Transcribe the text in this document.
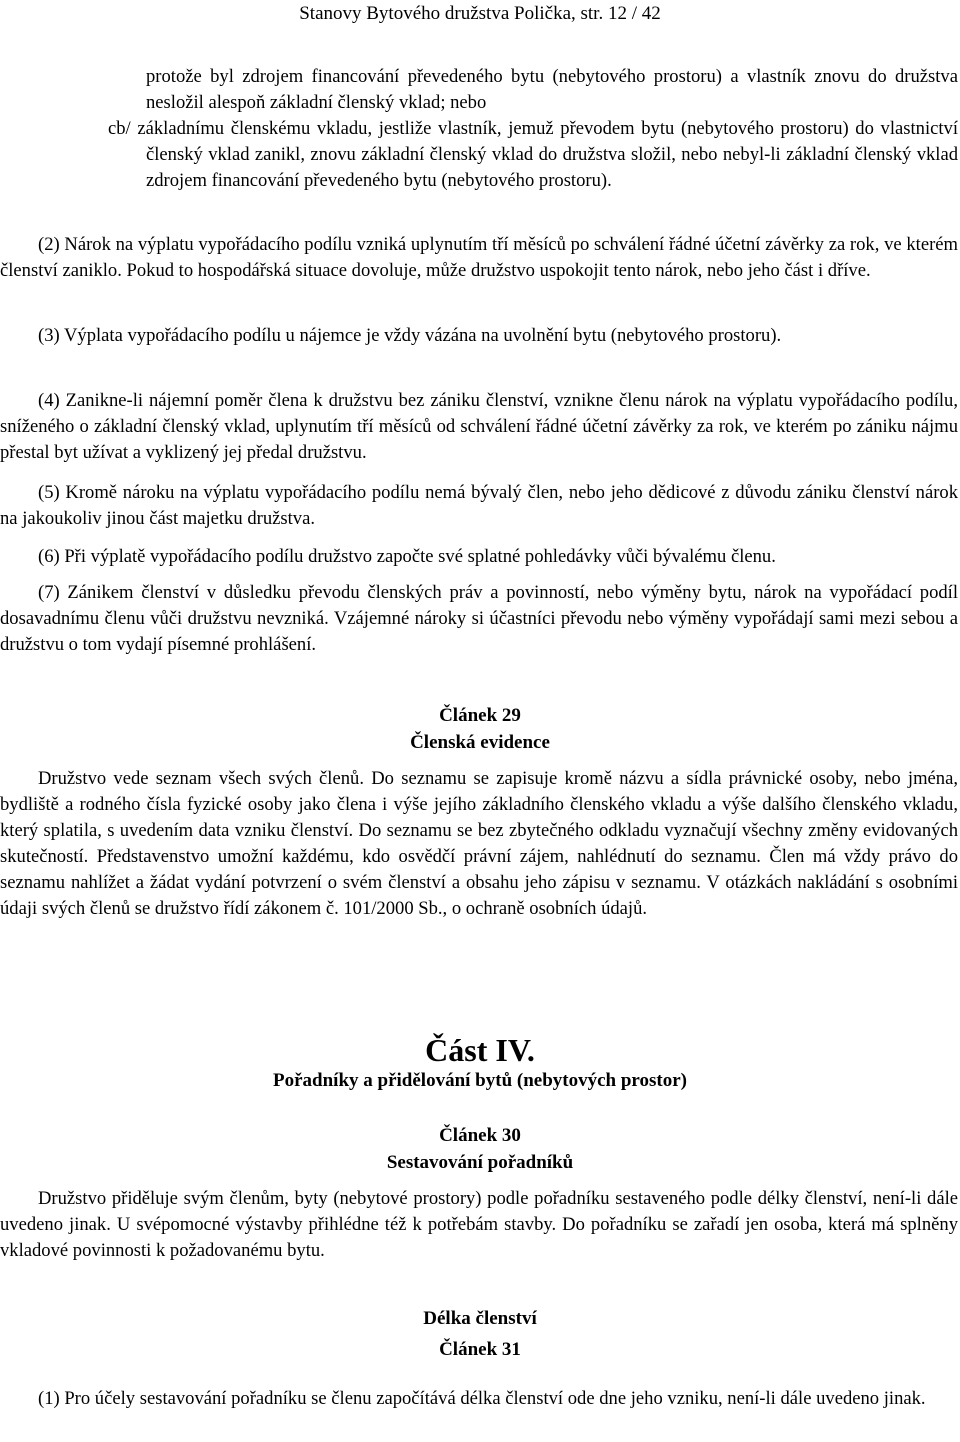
Stanovy Bytového družstva Polička, str. 12 / 42

protože byl zdrojem financování převedeného bytu (nebytového prostoru) a vlastník znovu do družstva nesložil alespoň základní členský vklad; nebo

cb/ základnímu členskému vkladu, jestliže vlastník, jemuž převodem bytu (nebytového prostoru) do vlastnictví členský vklad zanikl, znovu základní členský vklad do družstva složil, nebo nebyl-li základní členský vklad zdrojem financování převedeného bytu (nebytového prostoru).

(2) Nárok na výplatu vypořádacího podílu vzniká uplynutím tří měsíců po schválení řádné účetní závěrky za rok, ve kterém členství zaniklo. Pokud to hospodářská situace dovoluje, může družstvo uspokojit tento nárok, nebo jeho část i dříve.

(3) Výplata vypořádacího podílu u nájemce je vždy vázána na uvolnění bytu (nebytového prostoru).

(4) Zanikne-li nájemní poměr člena k družstvu bez zániku členství, vznikne členu nárok na výplatu vypořádacího podílu, sníženého o základní členský vklad, uplynutím tří měsíců od schválení řádné účetní závěrky za rok, ve kterém po zániku nájmu přestal byt užívat a vyklizený jej předal družstvu.

(5) Kromě nároku na výplatu vypořádacího podílu nemá bývalý člen, nebo jeho dědicové z důvodu zániku členství nárok na jakoukoliv jinou část majetku družstva.

(6) Při výplatě vypořádacího podílu družstvo započte své splatné pohledávky vůči bývalému členu.

(7) Zánikem členství v důsledku převodu členských práv a povinností, nebo výměny bytu, nárok na vypořádací podíl dosavadnímu členu vůči družstvu nevzniká. Vzájemné nároky si účastníci převodu nebo výměny vypořádají sami mezi sebou a družstvu o tom vydají písemné prohlášení.

Článek 29
Členská evidence

Družstvo vede seznam všech svých členů. Do seznamu se zapisuje kromě názvu a sídla právnické osoby, nebo jména, bydliště a rodného čísla fyzické osoby jako člena i výše jejího základního členského vkladu a výše dalšího členského vkladu, který splatila, s uvedením data vzniku členství. Do seznamu se bez zbytečného odkladu vyznačují všechny změny evidovaných skutečností. Představenstvo umožní každému, kdo osvědčí právní zájem, nahlédnutí do seznamu. Člen má vždy právo do seznamu nahlížet a žádat vydání potvrzení o svém členství a obsahu jeho zápisu v seznamu. V otázkách nakládání s osobními údaji svých členů se družstvo řídí zákonem č. 101/2000 Sb., o ochraně osobních údajů.

Část IV.
Pořadníky a přidělování bytů (nebytových prostor)
Článek 30
Sestavování pořadníků

Družstvo přiděluje svým členům, byty (nebytové prostory) podle pořadníku sestaveného podle délky členství, není-li dále uvedeno jinak. U svépomocné výstavby přihlédne též k potřebám stavby. Do pořadníku se zařadí jen osoba, která má splněny vkladové povinnosti k požadovanému bytu.

Délka členství
Článek 31

(1) Pro účely sestavování pořadníku se členu započítává délka členství ode dne jeho vzniku, není-li dále uvedeno jinak.
